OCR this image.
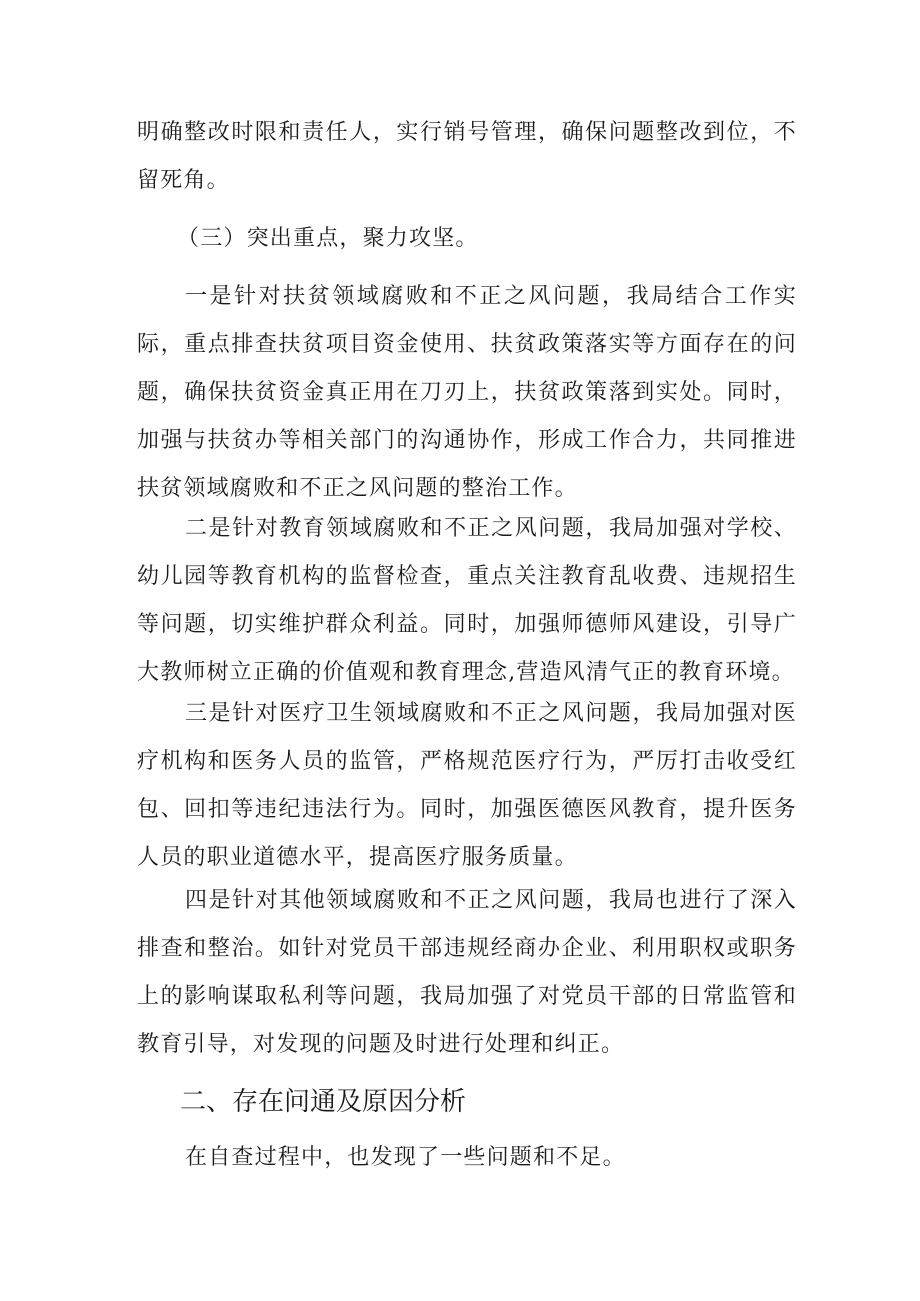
明确整改时限和责任人，实行销号管理，确保问题整改到位，不留死角。

（三）突出重点，聚力攻坚。

一是针对扶贫领域腐败和不正之风问题，我局结合工作实际，重点排查扶贫项目资金使用、扶贫政策落实等方面存在的问题，确保扶贫资金真正用在刀刃上，扶贫政策落到实处。同时，加强与扶贫办等相关部门的沟通协作，形成工作合力，共同推进扶贫领域腐败和不正之风问题的整治工作。

二是针对教育领域腐败和不正之风问题，我局加强对学校、幼儿园等教育机构的监督检查，重点关注教育乱收费、违规招生等问题，切实维护群众利益。同时，加强师德师风建设，引导广大教师树立正确的价值观和教育理念,营造风清气正的教育环境。

三是针对医疗卫生领域腐败和不正之风问题，我局加强对医疗机构和医务人员的监管，严格规范医疗行为，严厉打击收受红包、回扣等违纪违法行为。同时，加强医德医风教育，提升医务人员的职业道德水平，提高医疗服务质量。

四是针对其他领域腐败和不正之风问题，我局也进行了深入排查和整治。如针对党员干部违规经商办企业、利用职权或职务上的影响谋取私利等问题，我局加强了对党员干部的日常监管和教育引导，对发现的问题及时进行处理和纠正。

二、存在问通及原因分析

在自查过程中，也发现了一些问题和不足。
